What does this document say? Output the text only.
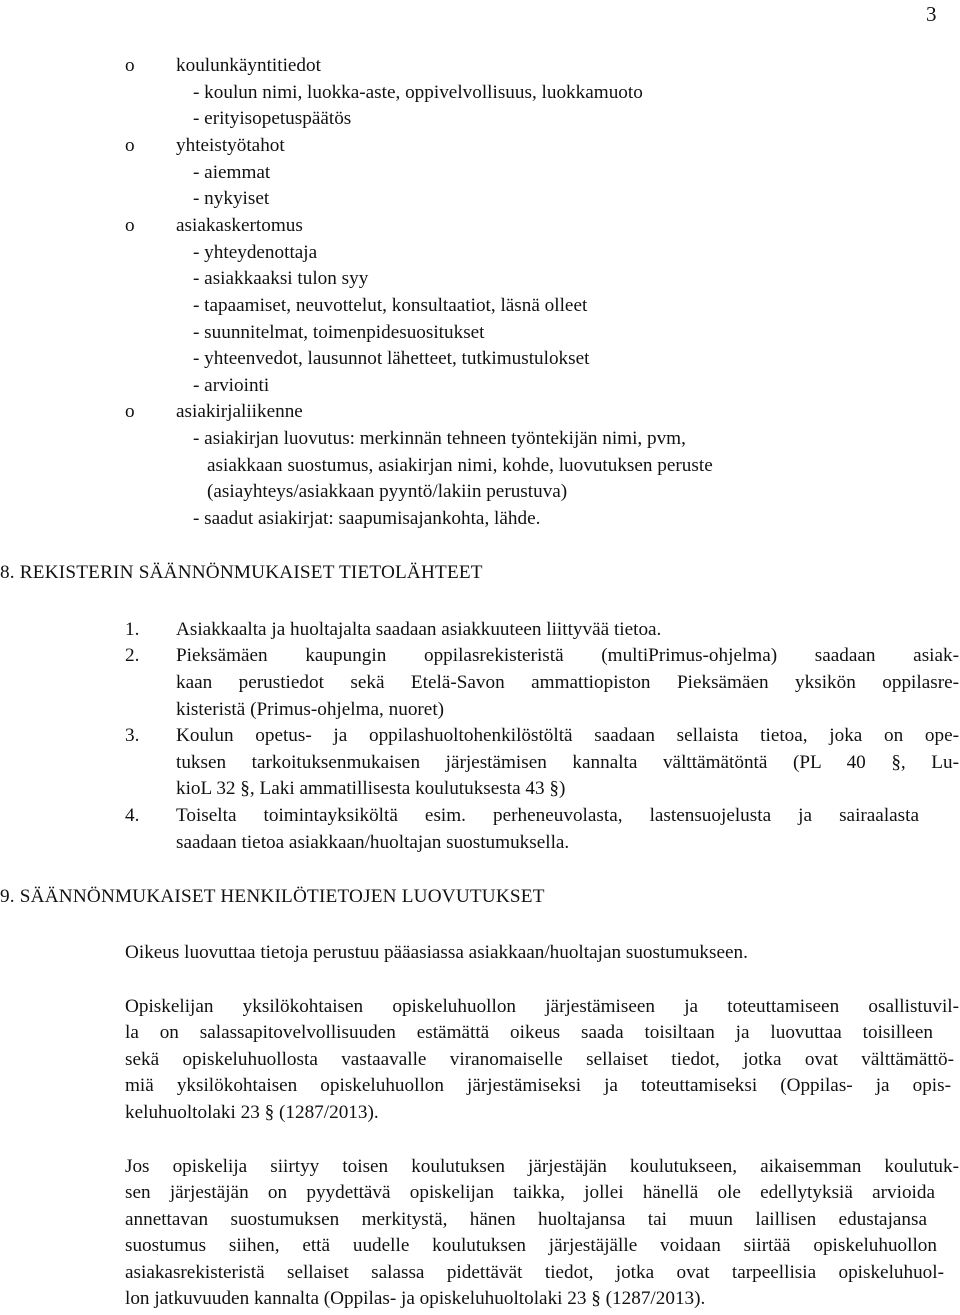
3
o koulunkäyntitiedot
- koulun nimi, luokka-aste, oppivelvollisuus, luokkamuoto
- erityisopetuspäätös
o yhteistyötahot
- aiemmat
- nykyiset
o asiakaskertomus
- yhteydenottaja
- asiakkaaksi tulon syy
- tapaamiset, neuvottelut, konsultaatiot, läsnä olleet
- suunnitelmat, toimenpidesuositukset
- yhteenvedot, lausunnot lähetteet, tutkimustulokset
- arviointi
o asiakirjaliikenne
- asiakirjan luovutus: merkinnän tehneen työntekijän nimi, pvm,
asiakkaan suostumus, asiakirjan nimi, kohde, luovutuksen peruste
(asiayhteys/asiakkaan pyyntö/lakiin perustuva)
- saadut asiakirjat: saapumisajankohta, lähde.
8. REKISTERIN SÄÄNNÖNMUKAISET TIETOLÄHTEET
1. Asiakkaalta ja huoltajalta saadaan asiakkuuteen liittyvää tietoa.
2. Pieksämäen kaupungin oppilasrekisteristä (multiPrimus-ohjelma) saadaan asiak-
kaan perustiedot sekä Etelä-Savon ammattiopiston Pieksämäen yksikön oppilasre-
kisteristä (Primus-ohjelma, nuoret)
3. Koulun opetus- ja oppilashuoltohenkilöstöltä saadaan sellaista tietoa, joka on ope-
tuksen tarkoituksenmukaisen järjestämisen kannalta välttämätöntä (PL 40 §, Lu-
kioL 32 §, Laki ammatillisesta koulutuksesta 43 §)
4. Toiselta toimintayksiköltä esim. perheneuvolasta, lastensuojelusta ja sairaalasta
saadaan tietoa asiakkaan/huoltajan suostumuksella.
9. SÄÄNNÖNMUKAISET HENKILÖTIETOJEN LUOVUTUKSET
Oikeus luovuttaa tietoja perustuu pääasiassa asiakkaan/huoltajan suostumukseen.
Opiskelijan yksilökohtaisen opiskeluhuollon järjestämiseen ja toteuttamiseen osallistuvil-
la on salassapitovelvollisuuden estämättä oikeus saada toisiltaan ja luovuttaa toisilleen
sekä opiskeluhuollosta vastaavalle viranomaiselle sellaiset tiedot, jotka ovat välttämättö-
miä yksilökohtaisen opiskeluhuollon järjestämiseksi ja toteuttamiseksi (Oppilas- ja opis-
keluhuoltolaki 23 § (1287/2013).
Jos opiskelija siirtyy toisen koulutuksen järjestäjän koulutukseen, aikaisemman koulutuk-
sen järjestäjän on pyydettävä opiskelijan taikka, jollei hänellä ole edellytyksiä arvioida
annettavan suostumuksen merkitystä, hänen huoltajansa tai muun laillisen edustajansa
suostumus siihen, että uudelle koulutuksen järjestäjälle voidaan siirtää opiskeluhuollon
asiakasrekisteristä sellaiset salassa pidettävät tiedot, jotka ovat tarpeellisia opiskeluhuol-
lon jatkuvuuden kannalta (Oppilas- ja opiskeluhuoltolaki 23 § (1287/2013).
